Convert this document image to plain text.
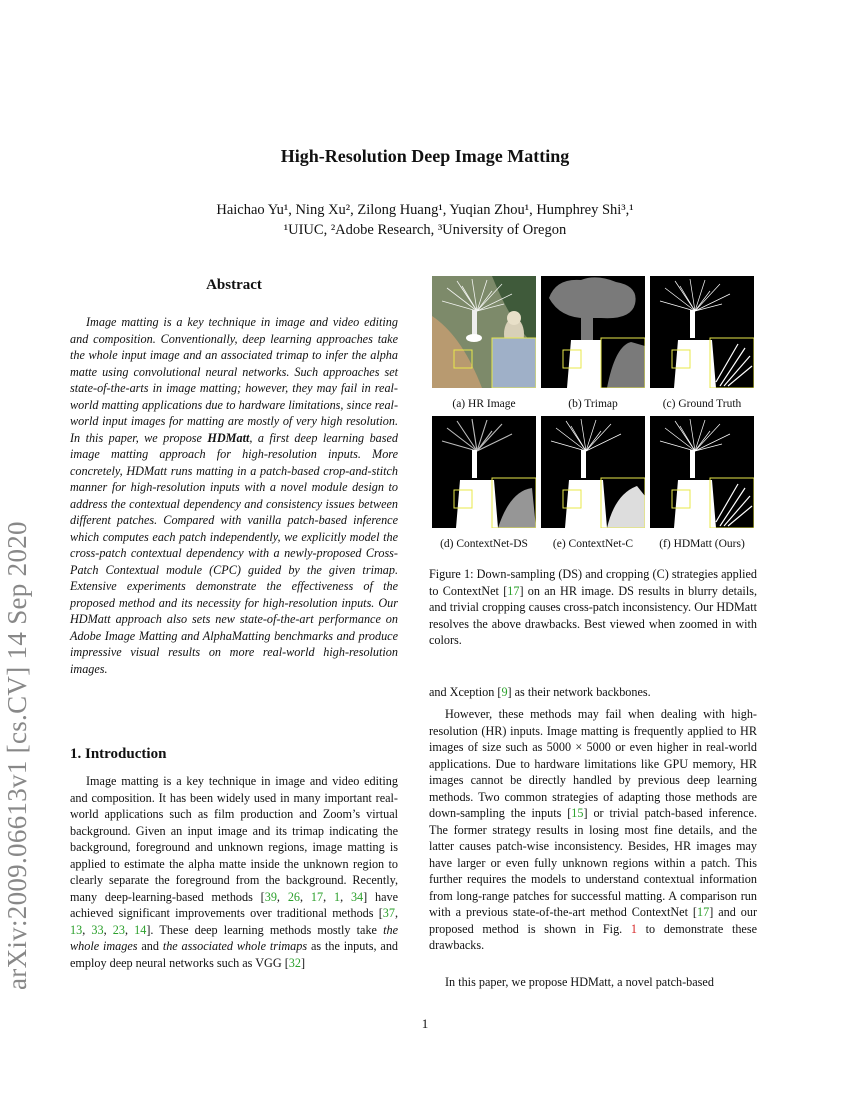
arXiv:2009.06613v1 [cs.CV] 14 Sep 2020
High-Resolution Deep Image Matting
Haichao Yu¹, Ning Xu², Zilong Huang¹, Yuqian Zhou¹, Humphrey Shi³,¹
¹UIUC, ²Adobe Research, ³University of Oregon
Abstract

Image matting is a key technique in image and video editing and composition. Conventionally, deep learning approaches take the whole input image and an associated trimap to infer the alpha matte using convolutional neural networks. Such approaches set state-of-the-arts in image matting; however, they may fail in real-world matting applications due to hardware limitations, since real-world input images for matting are mostly of very high resolution. In this paper, we propose HDMatt, a first deep learning based image matting approach for high-resolution inputs. More concretely, HDMatt runs matting in a patch-based crop-and-stitch manner for high-resolution inputs with a novel module design to address the contextual dependency and consistency issues between different patches. Compared with vanilla patch-based inference which computes each patch independently, we explicitly model the cross-patch contextual dependency with a newly-proposed Cross-Patch Contextual module (CPC) guided by the given trimap. Extensive experiments demonstrate the effectiveness of the proposed method and its necessity for high-resolution inputs. Our HDMatt approach also sets new state-of-the-art performance on Adobe Image Matting and AlphaMatting benchmarks and produce impressive visual results on more real-world high-resolution images.

1. Introduction

Image matting is a key technique in image and video editing and composition. It has been widely used in many important real-world applications such as film production and Zoom’s virtual background. Given an input image and its trimap indicating the background, foreground and unknown regions, image matting is applied to estimate the alpha matte inside the unknown region to clearly separate the foreground from the background. Recently, many deep-learning-based methods [39, 26, 17, 1, 34] have achieved significant improvements over traditional methods [37, 13, 33, 23, 14]. These deep learning methods mostly take the whole images and the associated whole trimaps as the inputs, and employ deep neural networks such as VGG [32]

(a) HR Image	(b) Trimap	(c) Ground Truth
(d) ContextNet-DS	(e) ContextNet-C	(f) HDMatt (Ours)

Figure 1: Down-sampling (DS) and cropping (C) strategies applied to ContextNet [17] on an HR image. DS results in blurry details, and trivial cropping causes cross-patch inconsistency. Our HDMatt resolves the above drawbacks. Best viewed when zoomed in with colors.

and Xception [9] as their network backbones.

However, these methods may fail when dealing with high-resolution (HR) inputs. Image matting is frequently applied to HR images of size such as 5000 × 5000 or even higher in real-world applications. Due to hardware limitations like GPU memory, HR images cannot be directly handled by previous deep learning methods. Two common strategies of adapting those methods are down-sampling the inputs [15] or trivial patch-based inference. The former strategy results in losing most fine details, and the latter causes patch-wise inconsistency. Besides, HR images may have larger or even fully unknown regions within a patch. This further requires the models to understand contextual information from long-range patches for successful matting. A comparison run with a previous state-of-the-art method ContextNet [17] and our proposed method is shown in Fig. 1 to demonstrate these drawbacks.

In this paper, we propose HDMatt, a novel patch-based

1
